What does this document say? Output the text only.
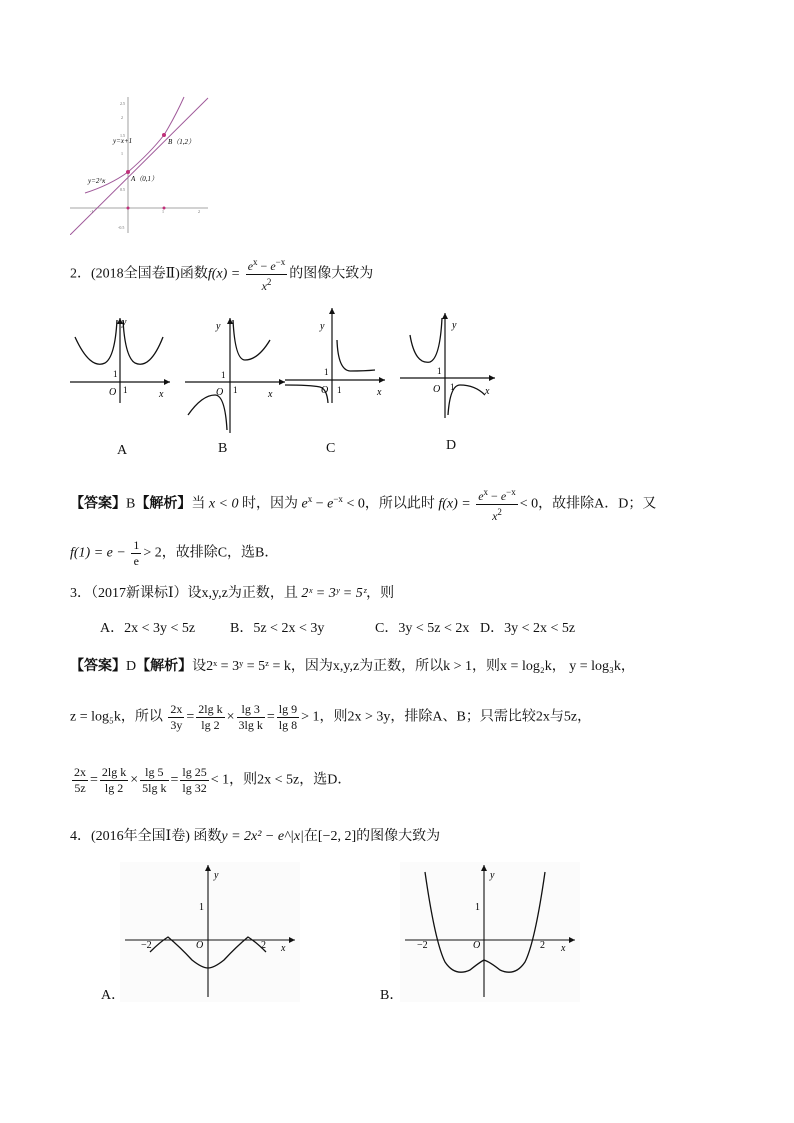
y=x+1
y=2^x	A（0,1）
B（1,2）
2.5
2
1.5
1
0.5
-0.5
-1	1	2
2．(2018全国卷Ⅱ)函数$f(x) = \frac{e^x - e^{-x}}{x^2}$ 的图像大致为
y
x
O
1
1
y
x
O
1
1
y
x
O
1
1
y
x
O
1
1
A	B	C	D
【答案】B【解析】当 x < 0 时，因为 $e^x - e^{-x} < 0$，所以此时 $f(x) = \frac{e^x - e^{-x}}{x^2} < 0$，故排除A．D；又
$f(1) = e - \frac{1}{e} > 2$，故排除C，选B．
3．（2017新课标Ⅰ）设x,y,z为正数，且 2ˣ = 3ʸ = 5ᶻ，则
A．2x < 3y < 5z B．5z < 2x < 3y	C．3y < 5z < 2x D．3y < 2x < 5z
【答案】D【解析】设2ˣ = 3ʸ = 5ᶻ = k，因为x,y,z为正数，所以k > 1，则x = log₂k， y = log₃k，
z = log₅k，所以 $\frac{2x}{3y} = \frac{\text{2lg k}}{\lg 2} \times \frac{\lg 3}{\text{3lg k}} = \frac{\lg 9}{\lg 8} > 1$，则2x > 3y，排除A、B；只需比较2x与5z，
$\frac{2x}{5z} = \frac{\text{2lg k}}{\lg 2} \times \frac{\lg 5}{\text{5lg k}} = \frac{\lg 25}{\lg 32} < 1$，则2x < 5z，选D．
4．(2016年全国Ⅰ卷) 函数y = 2x² − e^|x|在[−2, 2]的图像大致为
y
x
O
1
−2	2
A．
y
x
O
1
−2	2
B．
